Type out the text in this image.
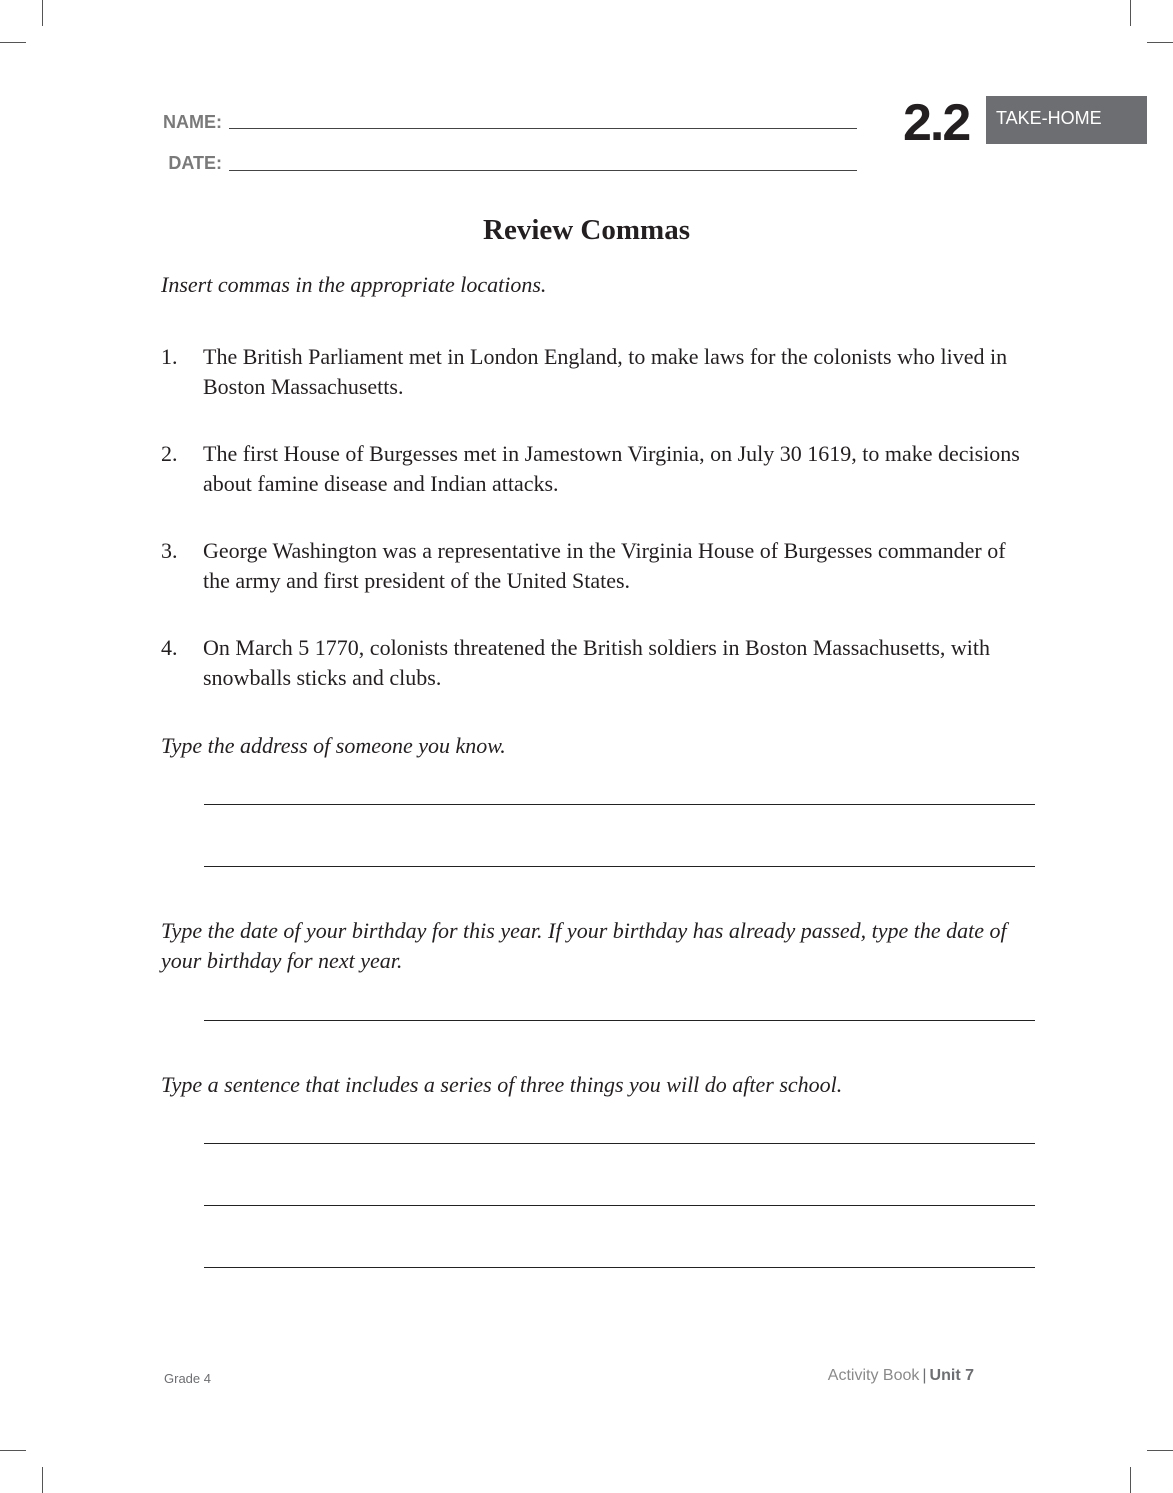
NAME:
DATE:
2.2	TAKE-HOME
Review Commas
Insert commas in the appropriate locations.
1. The British Parliament met in London England, to make laws for the colonists who lived in Boston Massachusetts.
2. The first House of Burgesses met in Jamestown Virginia, on July 30 1619, to make decisions about famine disease and Indian attacks.
3. George Washington was a representative in the Virginia House of Burgesses commander of the army and first president of the United States.
4. On March 5 1770, colonists threatened the British soldiers in Boston Massachusetts, with snowballs sticks and clubs.
Type the address of someone you know.
Type the date of your birthday for this year. If your birthday has already passed, type the date of your birthday for next year.
Type a sentence that includes a series of three things you will do after school.
Grade 4	Activity Book | Unit 7
